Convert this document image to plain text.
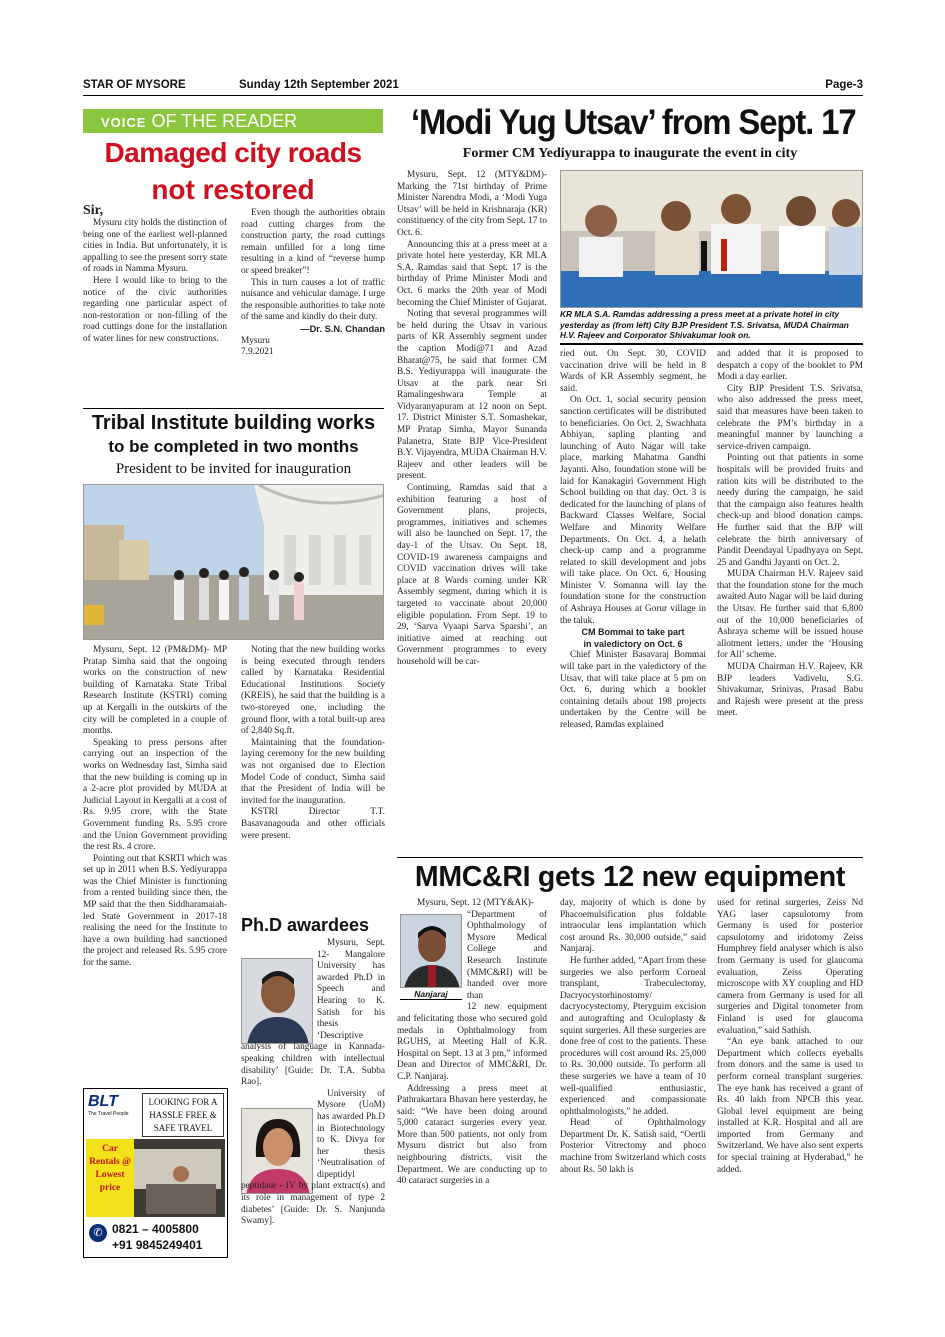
STAR OF MYSORE	Sunday 12th September 2021	Page-3
VOICE OF THE READER
Damaged city roads
not restored

Sir,

Mysuru city holds the distinction of being one of the earliest well-planned cities in India. But unfortunately, it is appalling to see the present sorry state of roads in Namma Mysuru.

Here I would like to bring to the notice of the civic authorities regarding one particular aspect of non-restoration or non-filling of the road cuttings done for the installation of water lines for new constructions.

Even though the authorities obtain road cutting charges from the construction party, the road cuttings remain unfilled for a long time resulting in a kind of “reverse hump or speed breaker”!

This in turn causes a lot of traffic nuisance and vehicular damage. I urge the responsible authorities to take note of the same and kindly do their duty.

—Dr. S.N. Chandan

Mysuru

7.9.2021

Tribal Institute building works
to be completed in two months
President to be invited for inauguration

Mysuru, Sept. 12 (PM&DM)- MP Pratap Simha said that the ongoing works on the construction of new building of Karnataka State Tribal Research Institute (KSTRI) coming up at Kergalli in the outskirts of the city will be completed in a couple of months.

Speaking to press persons after carrying out an inspection of the works on Wednesday last, Simha said that the new building is coming up in a 2-acre plot provided by MUDA at Judicial Layout in Kergalli at a cost of Rs. 9.95 crore, with the State Government funding Rs. 5.95 crore and the Union Government providing the rest Rs. 4 crore.

Pointing out that KSRTI which was set up in 2011 when B.S. Yediyurappa was the Chief Minister is functioning from a rented building since then, the MP said that the then Siddharamaiah-led State Government in 2017-18 realising the need for the Institute to have a own building had sanctioned the project and released Rs. 5.95 crore for the same.

Noting that the new building works is being executed through tenders called by Karnataka Residential Educational Institutions Society (KREIS), he said that the building is a two-storeyed one, including the ground floor, with a total built-up area of 2,840 Sq.ft.

Maintaining that the foundation-laying ceremony for the new building was not organised due to Election Model Code of conduct, Simha said that the President of India will be invited for the inauguration.

KSTRI Director T.T. Basavanagouda and other officials were present.

Ph.D awardees

Mysuru, Sept. 12- Mangalore University has awarded Ph.D in Speech and Hearing to K. Satish for his thesis ‘Descriptive analysis of language in Kannada-speaking children with intellectual disability’ [Guide: Dr. T.A. Subba Rao].

University of Mysore (UoM) has awarded Ph.D in Biotechnology to K. Divya for her thesis ‘Neutralisation of dipeptidyl peptidase - IV by plant extract(s) and its role in management of type 2 diabetes’ [Guide: Dr. S. Nanjunda Swamy].

BLT
The Travel People
LOOKING FOR A HASSLE FREE & SAFE TRAVEL
Car Rentals @ Lowest price
✆ 0821 – 4005800
+91 9845249401
‘Modi Yug Utsav’ from Sept. 17
Former CM Yediyurappa to inaugurate the event in city
KR MLA S.A. Ramdas addressing a press meet at a private hotel in city yesterday as (from left) City BJP President T.S. Srivatsa, MUDA Chairman H.V. Rajeev and Corporator Shivakumar look on.

Mysuru, Sept. 12 (MTY&DM)- Marking the 71st birthday of Prime Minister Narendra Modi, a ‘Modi Yuga Utsav’ will be held in Krishnaraja (KR) constituency of the city from Sept. 17 to Oct. 6.

Announcing this at a press meet at a private hotel here yesterday, KR MLA S.A. Ramdas said that Sept. 17 is the birthday of Prime Minister Modi and Oct. 6 marks the 20th year of Modi becoming the Chief Minister of Gujarat.

Noting that several programmes will be held during the Utsav in various parts of KR Assembly segment under the caption Modi@71 and Azad Bharat@75, he said that former CM B.S. Yediyurappa will inaugurate the Utsav at the park near Sri Ramalingeshwara Temple at Vidyaranyapuram at 12 noon on Sept. 17. District Minister S.T. Somashekar, MP Pratap Simha, Mayor Sunanda Palanetra, State BJP Vice-President B.Y. Vijayendra, MUDA Chairman H.V. Rajeev and other leaders will be present.

Continuing, Ramdas said that a exhibition featuring a host of Government plans, projects, programmes, initiatives and schemes will also be launched on Sept. 17, the day-1 of the Utsav. On Sept. 18, COVID-19 awareness campaigns and COVID vaccination drives will take place at 8 Wards coming under KR Assembly segment, during which it is targeted to vaccinate about 20,000 eligible population. From Sept. 19 to 29, ‘Sarva Vyaapi Sarva Sparshi’, an initiative aimed at reaching out Government programmes to every household will be car-

ried out. On Sept. 30, COVID vaccination drive will be held in 8 Wards of KR Assembly segment, he said.

On Oct. 1, social security pension sanction certificates will be distributed to beneficiaries. On Oct. 2, Swachhata Abhiyan, sapling planting and launching of Auto Nagar will take place, marking Mahatma Gandhi Jayanti. Also, foundation stone will be laid for Kanakagiri Government High School building on that day. Oct. 3 is dedicated for the launching of plans of Backward Classes Welfare, Social Welfare and Minority Welfare Departments. On Oct. 4, a helath check-up camp and a programme related to skill development and jobs will take place. On Oct. 6, Housing Minister V. Somanna will lay the foundation stone for the construction of Ashraya Houses at Gorur village in the taluk.

CM Bommai to take part

in valedictory on Oct. 6

Chief Minister Basavaraj Bommai will take part in the valedictory of the Utsav, that will take place at 5 pm on Oct. 6, during which a booklet containing details about 198 projects undertaken by the Centre will be released, Ramdas explained

and added that it is proposed to despatch a copy of the booklet to PM Modi a day earlier.

City BJP President T.S. Srivatsa, who also addressed the press meet, said that measures have been taken to celebrate the PM’s birthday in a meaningful manner by launching a service-driven campaign.

Pointing out that patients in some hospitals will be provided fruits and ration kits will be distributed to the needy during the campaign, he said that the campaign also features health check-up and blood donation camps. He further said that the BJP will celebrate the birth anniversary of Pandit Deendayal Upadhyaya on Sept. 25 and Gandhi Jayanti on Oct. 2.

MUDA Chairman H.V. Rajeev said that the foundation stone for the much awaited Auto Nagar will be laid during the Utsav. He further said that 6,800 out of the 10,000 beneficiaries of Ashraya scheme will be issued house allotment letters, under the ‘Housing for All’ scheme.

MUDA Chairman H.V. Rajeev, KR BJP leaders Vadivelu, S.G. Shivakumar, Srinivas, Prasad Babu and Rajesh were present at the press meet.

MMC&RI gets 12 new equipment
Nanjaraj

Mysuru, Sept. 12 (MTY&AK)-

“Department of Ophthalmology of Mysore Medical College and Research Institute (MMC&RI) will be handed over more than

12 new equipment and felicitating those who secured gold medals in Ophthalmology from RGUHS, at Meeting Hall of K.R. Hospital on Sept. 13 at 3 pm,” informed Dean and Director of MMC&RI, Dr. C.P. Nanjaraj.

Addressing a press meet at Pathrakartara Bhavan here yesterday, he said: “We have been doing around 5,000 cataract surgeries every year. More than 500 patients, not only from Mysuru district but also from neighbouring districts, visit the Department. We are conducting up to 40 cataract surgeries in a

day, majority of which is done by Phacoemulsification plus foldable intraocular lens implantation which cost around Rs. 30,000 outside,” said Nanjaraj.

He further added, “Apart from these surgeries we also perform Corneal transplant, Trabeculectomy, Dacryocystorhinostomy/ dacryocystectomy, Pteryguim excision and autografting and Oculoplasty & squint surgeries. All these surgeries are done free of cost to the patients. These procedures will cost around Rs. 25,000 to Rs. 30,000 outside. To perform all these surgeries we have a team of 10 well-qualified enthusiastic, experienced and compassionate ophthalmologists,” he added.

Head of Ophthalmology Department Dr. K. Satish said, “Oertli Posterior Vitrectomy and phoco machine from Switzerland which costs about Rs. 50 lakh is

used for retinal surgeries, Zeiss Nd YAG laser capsulotomy from Germany is used for posterior capsulotomy and iridotomy Zeiss Humphrey field analyser which is also from Germany is used for glaucoma evaluation, Zeiss Operating microscope with XY coupling and HD camera from Germany is used for all surgeries and Digital tonometer from Finland is used for glaucoma evaluation,” said Sathish.

“An eye bank attached to our Department which collects eyeballs from donors and the same is used to perform corneal transplant surgeries. The eye bank has received a grant of Rs. 40 lakh from NPCB this year. Global level equipment are being installed at K.R. Hospital and all are imported from Germany and Switzerland. We have also sent experts for special training at Hyderabad,” he added.
